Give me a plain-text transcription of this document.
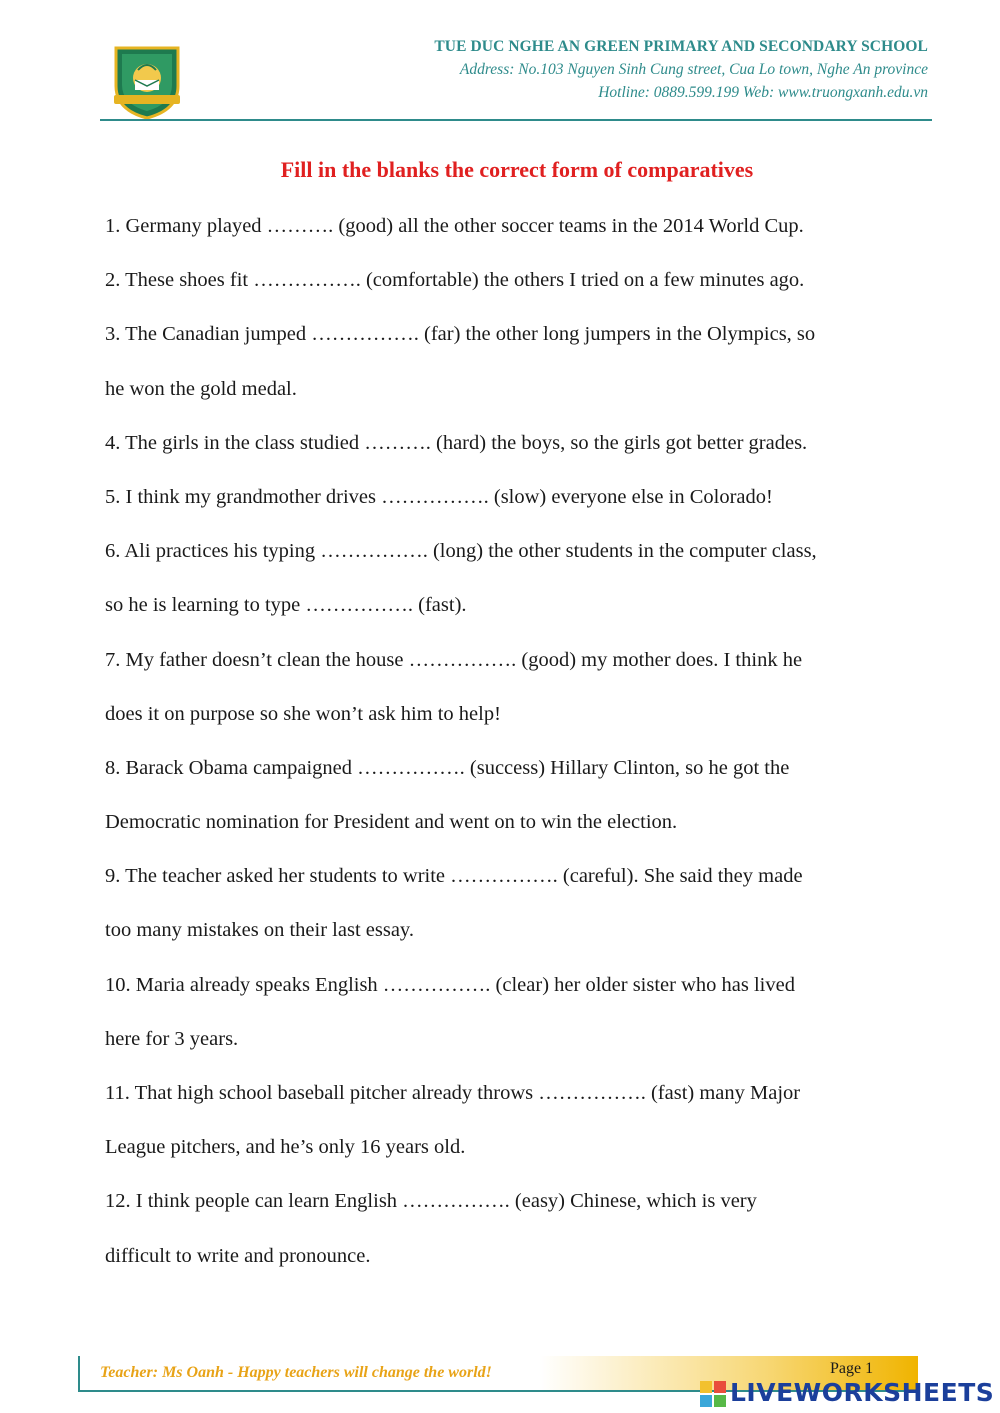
TUE DUC NGHE AN GREEN PRIMARY AND SECONDARY SCHOOL
Address: No.103 Nguyen Sinh Cung street, Cua Lo town, Nghe An province
Hotline: 0889.599.199 Web: www.truongxanh.edu.vn
Fill in the blanks the correct form of comparatives
1. Germany played ………. (good) all the other soccer teams in the 2014 World Cup.
2. These shoes fit ……………. (comfortable) the others I tried on a few minutes ago.
3. The Canadian jumped ……………. (far) the other long jumpers in the Olympics, so
he won the gold medal.
4. The girls in the class studied ………. (hard) the boys, so the girls got better grades.
5. I think my grandmother drives ……………. (slow) everyone else in Colorado!
6. Ali practices his typing ……………. (long) the other students in the computer class,
so he is learning to type ……………. (fast).
7. My father doesn’t clean the house ……………. (good) my mother does. I think he
does it on purpose so she won’t ask him to help!
8. Barack Obama campaigned ……………. (success) Hillary Clinton, so he got the
Democratic nomination for President and went on to win the election.
9. The teacher asked her students to write ……………. (careful). She said they made
too many mistakes on their last essay.
10. Maria already speaks English ……………. (clear) her older sister who has lived
here for 3 years.
11. That high school baseball pitcher already throws ……………. (fast) many Major
League pitchers, and he’s only 16 years old.
12. I think people can learn English ……………. (easy) Chinese, which is very
difficult to write and pronounce.
Teacher: Ms Oanh - Happy teachers will change the world!	Page 1
LIVEWORKSHEETS
